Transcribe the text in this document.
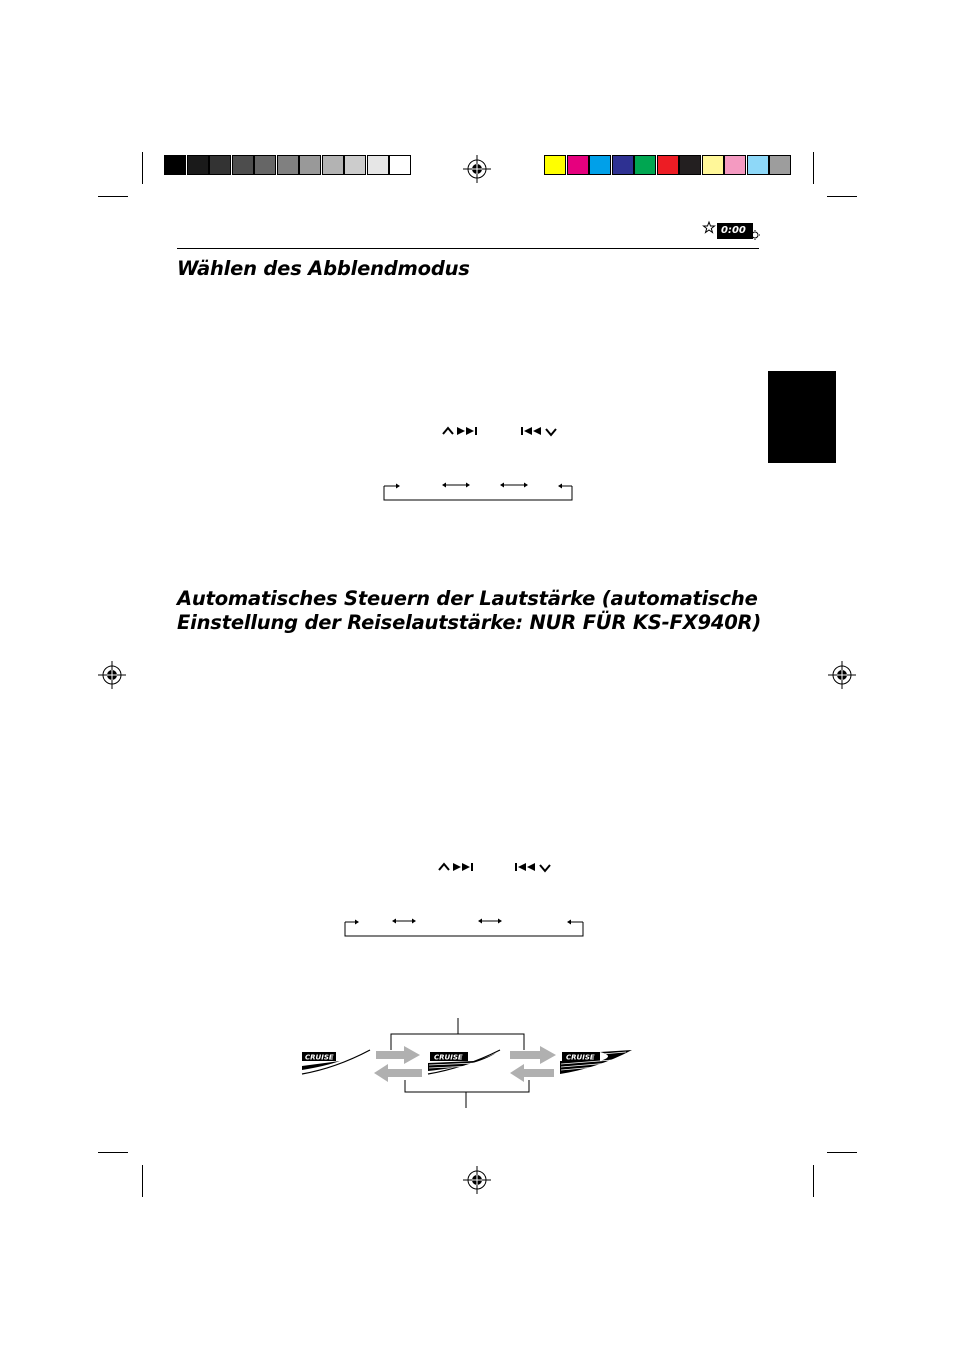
0:00
Wählen des Abblendmodus
Automatisches Steuern der Lautstärke (automatische
Einstellung der Reiselautstärke: NUR FÜR KS-FX940R)
CRUISE	CRUISE	CRUISE
